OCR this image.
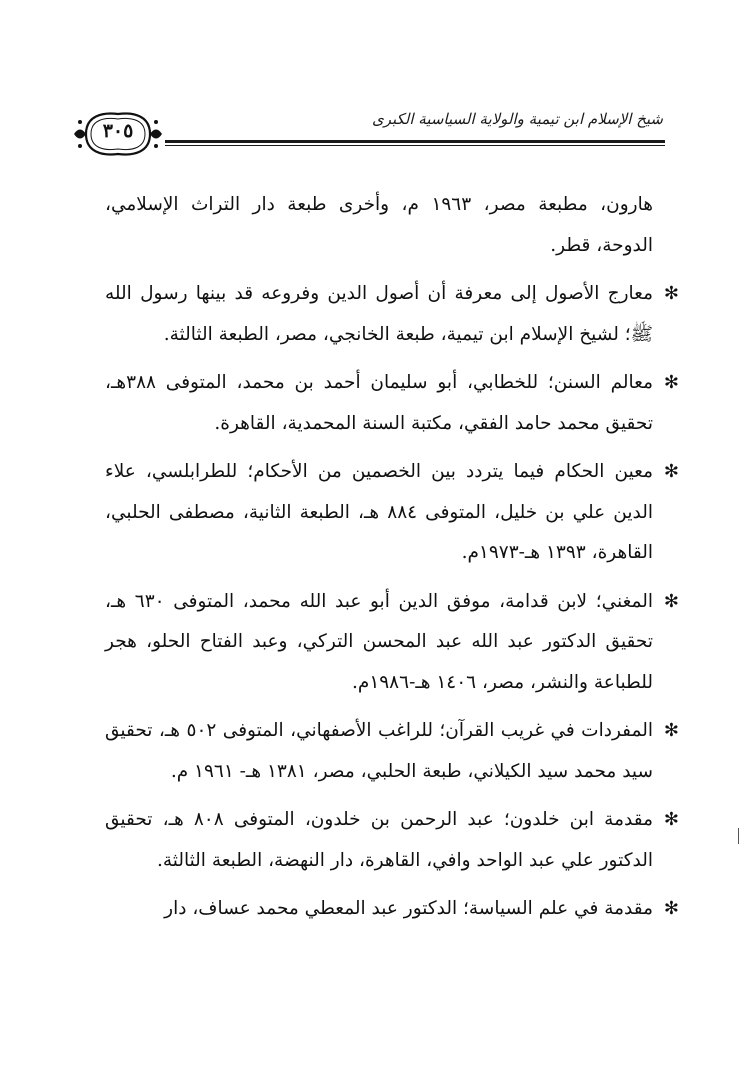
شيخ الإسلام ابن تيمية والولاية السياسية الكبرى
٣٠٥
هارون، مطبعة مصر، ١٩٦٣ م، وأخرى طبعة دار التراث الإسلامي، الدوحة، قطر.
✻
معارج الأصول إلى معرفة أن أصول الدين وفروعه قد بينها رسول الله ﷺ؛ لشيخ الإسلام ابن تيمية، طبعة الخانجي، مصر، الطبعة الثالثة.
✻
معالم السنن؛ للخطابي، أبو سليمان أحمد بن محمد، المتوفى ٣٨٨هـ، تحقيق محمد حامد الفقي، مكتبة السنة المحمدية، القاهرة.
✻
معين الحكام فيما يتردد بين الخصمين من الأحكام؛ للطرابلسي، علاء الدين علي بن خليل، المتوفى ٨٨٤ هـ، الطبعة الثانية، مصطفى الحلبي، القاهرة، ١٣٩٣ هـ-١٩٧٣م.
✻
المغني؛ لابن قدامة، موفق الدين أبو عبد الله محمد، المتوفى ٦٣٠ هـ، تحقيق الدكتور عبد الله عبد المحسن التركي، وعبد الفتاح الحلو، هجر للطباعة والنشر، مصر، ١٤٠٦ هـ-١٩٨٦م.
✻
المفردات في غريب القرآن؛ للراغب الأصفهاني، المتوفى ٥٠٢ هـ، تحقيق سيد محمد سيد الكيلاني، طبعة الحلبي، مصر، ١٣٨١ هـ- ١٩٦١ م.
✻
مقدمة ابن خلدون؛ عبد الرحمن بن خلدون، المتوفى ٨٠٨ هـ، تحقيق الدكتور علي عبد الواحد وافي، القاهرة، دار النهضة، الطبعة الثالثة.
✻
مقدمة في علم السياسة؛ الدكتور عبد المعطي محمد عساف، دار
